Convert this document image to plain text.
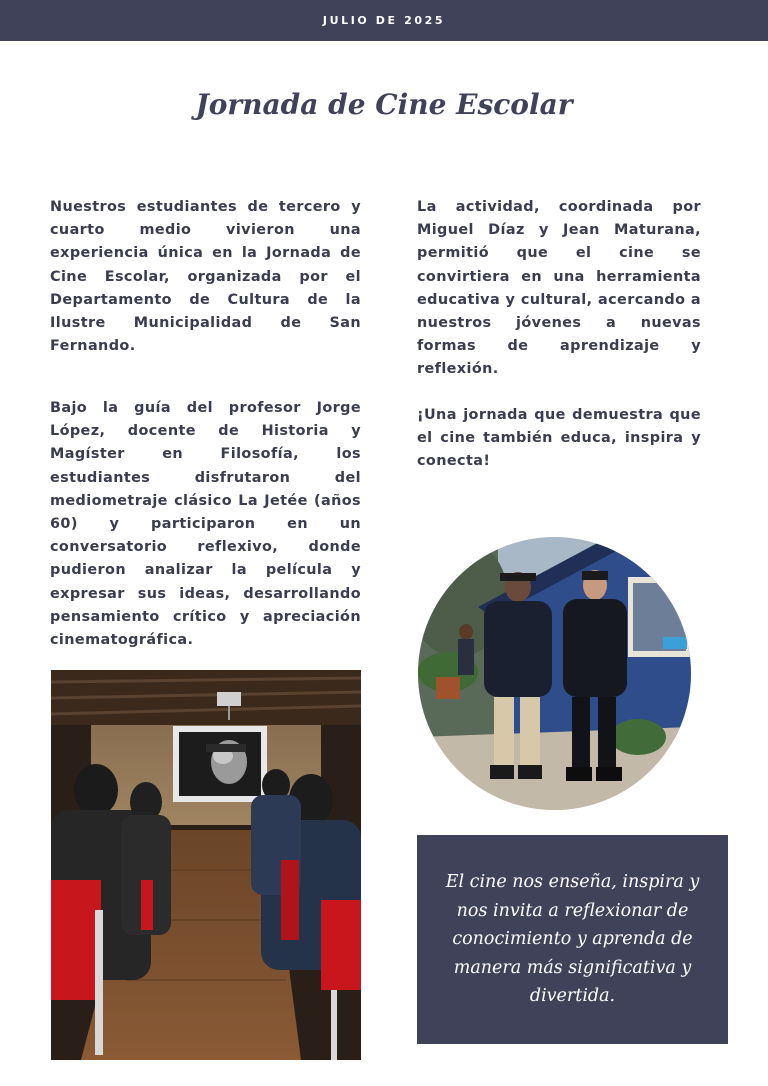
JULIO DE 2025
Jornada de Cine Escolar

Nuestros estudiantes de tercero y cuarto medio vivieron una experiencia única en la Jornada de Cine Escolar, organizada por el Departamento de Cultura de la Ilustre Municipalidad de San Fernando.

Bajo la guía del profesor Jorge López, docente de Historia y Magíster en Filosofía, los estudiantes disfrutaron del mediometraje clásico La Jetée (años 60) y participaron en un conversatorio reflexivo, donde pudieron analizar la película y expresar sus ideas, desarrollando pensamiento crítico y apreciación cinematográfica.

La actividad, coordinada por Miguel Díaz y Jean Maturana, permitió que el cine se convirtiera en una herramienta educativa y cultural, acercando a nuestros jóvenes a nuevas formas de aprendizaje y reflexión.

¡Una jornada que demuestra que el cine también educa, inspira y conecta!

El cine nos enseña, inspira y nos invita a reflexionar de conocimiento y aprenda de manera más significativa y divertida.
